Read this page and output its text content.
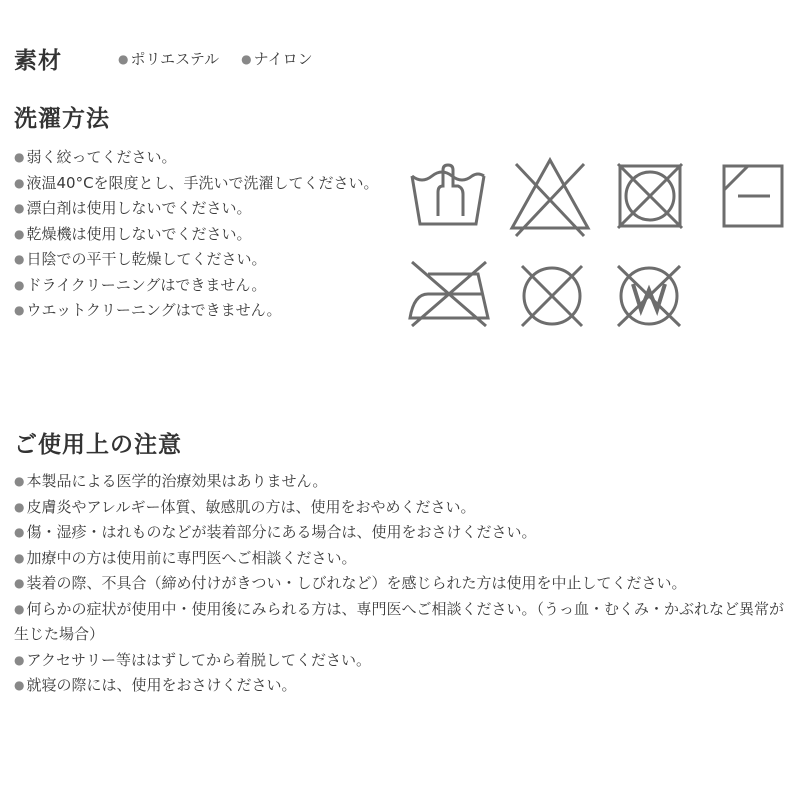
素材	● ポリエステル	● ナイロン
洗濯方法
● 弱く絞ってください。
● 液温40°Cを限度とし、手洗いで洗濯してください。
● 漂白剤は使用しないでください。
● 乾燥機は使用しないでください。
● 日陰での平干し乾燥してください。
● ドライクリーニングはできません。
● ウエットクリーニングはできません。
ご使用上の注意
● 本製品による医学的治療効果はありません。
● 皮膚炎やアレルギー体質、敏感肌の方は、使用をおやめください。
● 傷・湿疹・はれものなどが装着部分にある場合は、使用をおさけください。
● 加療中の方は使用前に専門医へご相談ください。
● 装着の際、不具合（締め付けがきつい・しびれなど）を感じられた方は使用を中止してください。
● 何らかの症状が使用中・使用後にみられる方は、専門医へご相談ください。（うっ血・むくみ・かぶれなど異常が生じた場合）
● アクセサリー等ははずしてから着脱してください。
● 就寝の際には、使用をおさけください。
